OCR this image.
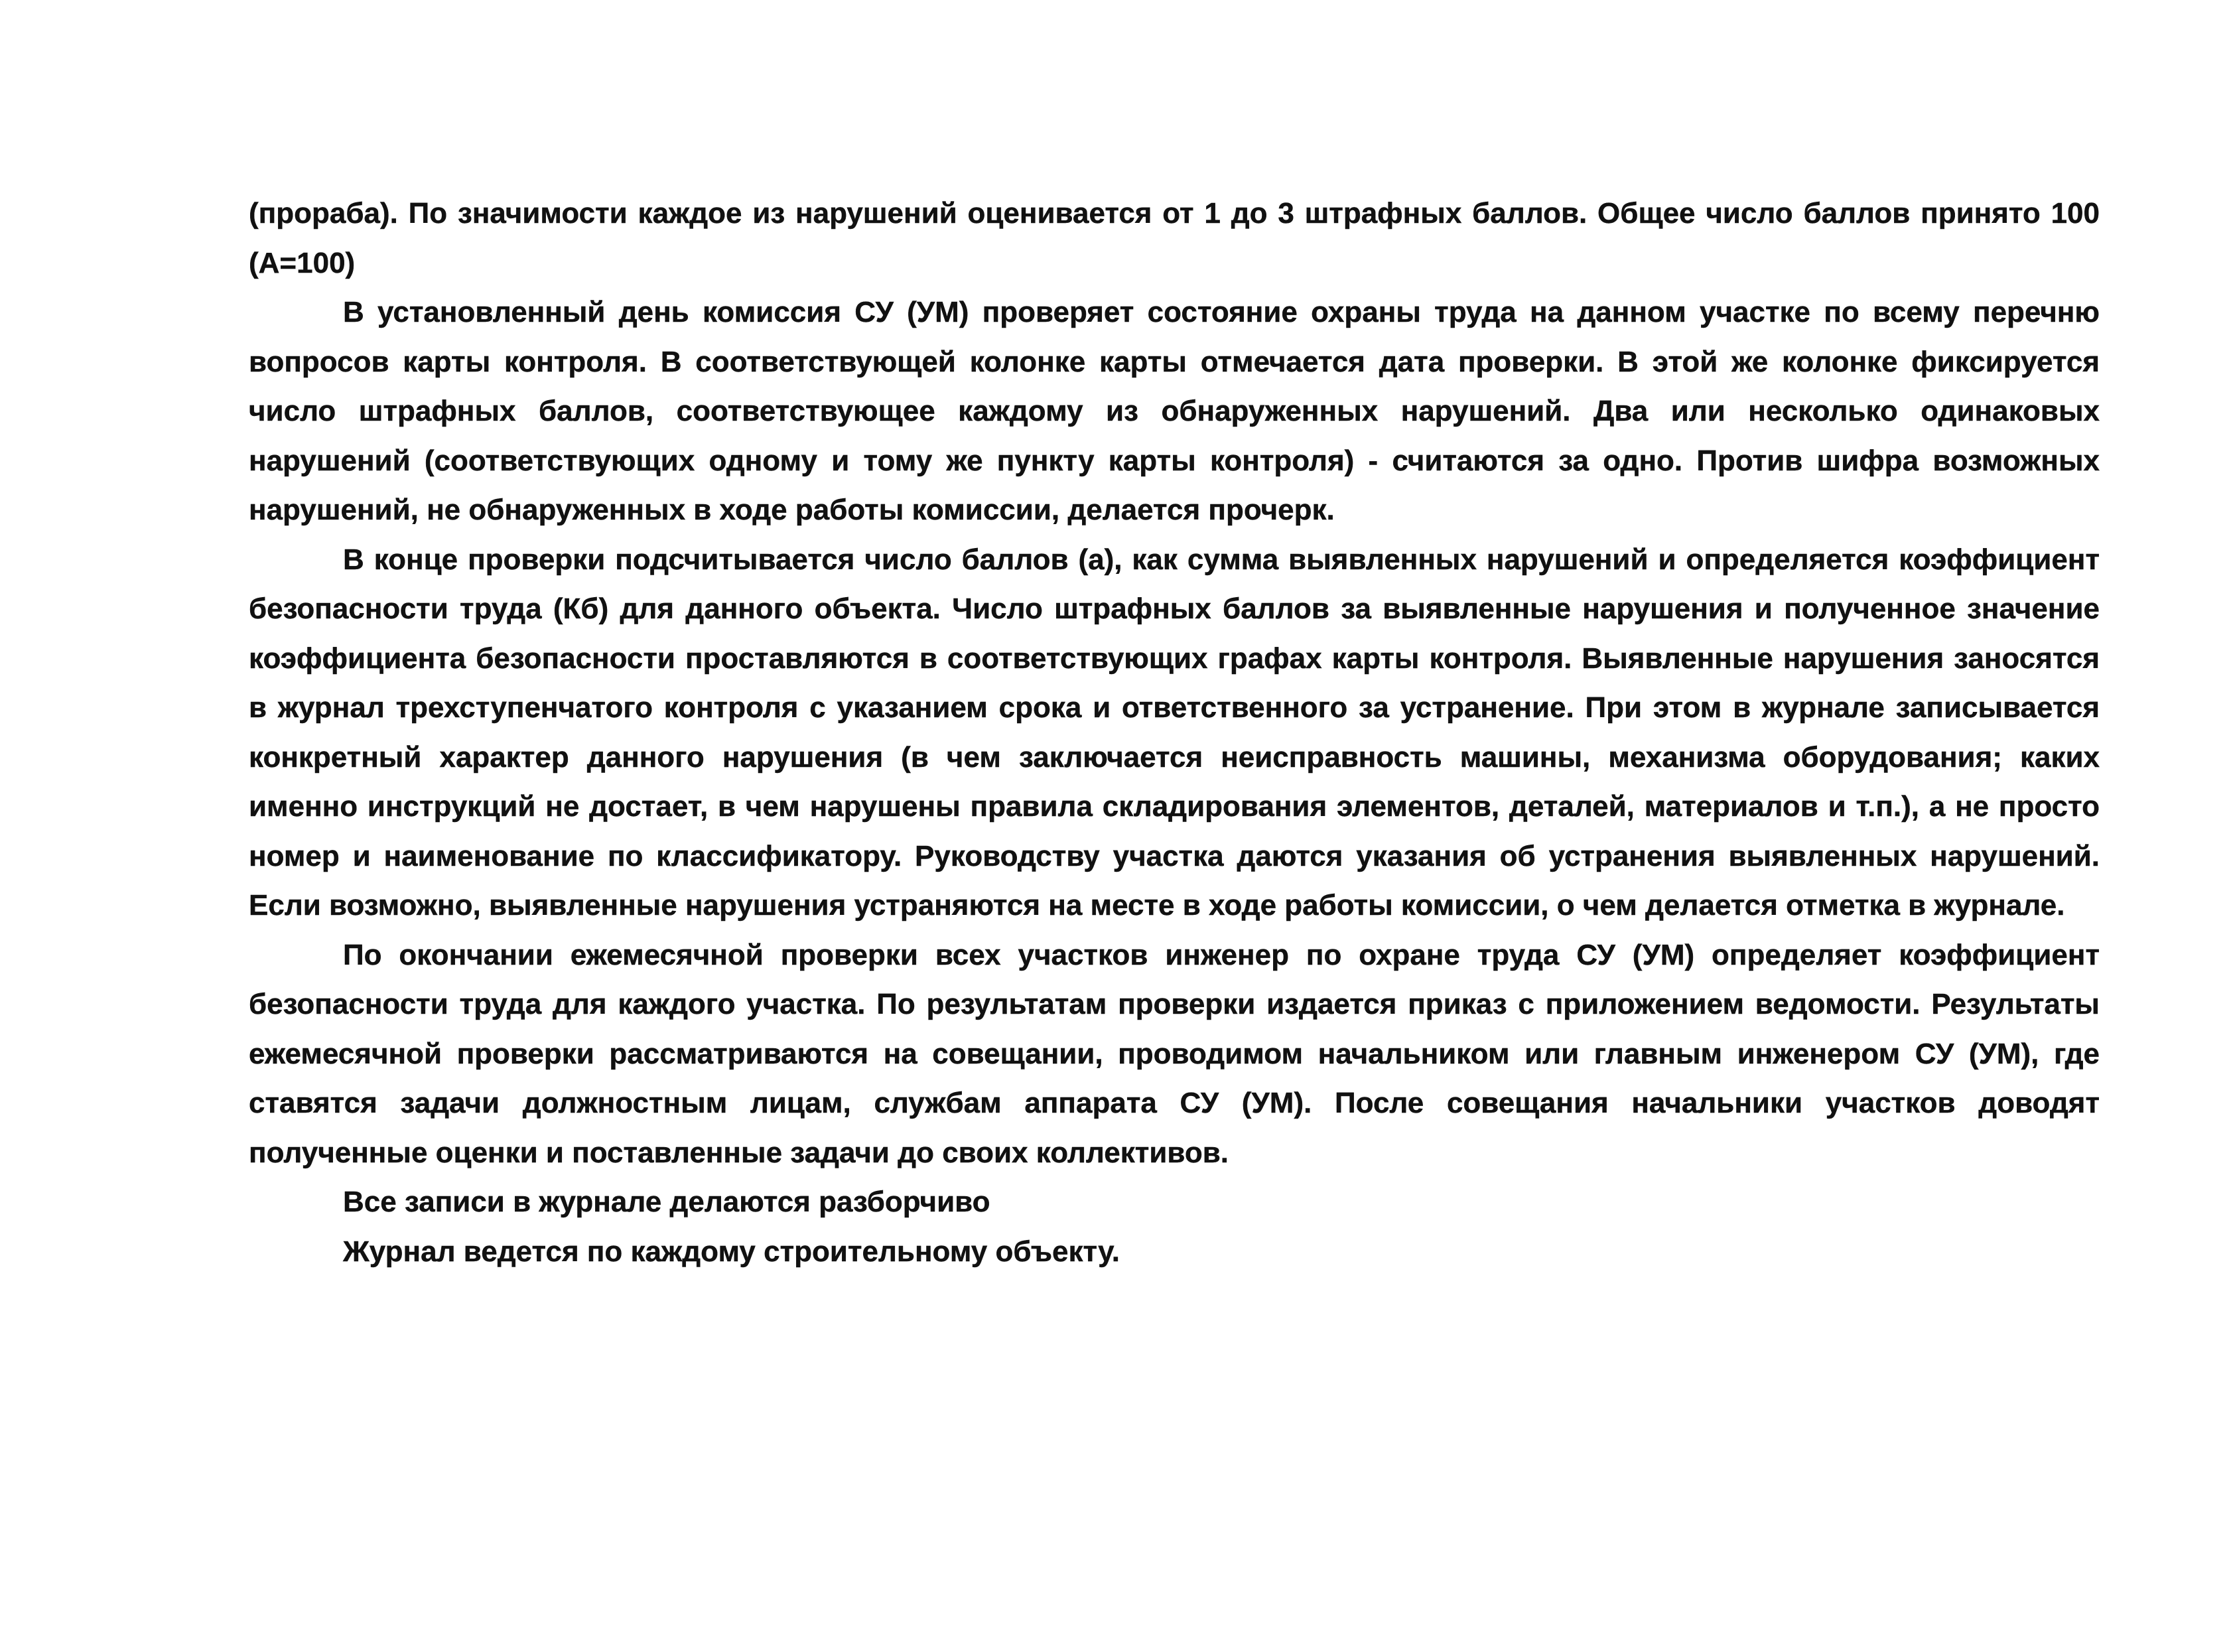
(прораба). По значимости каждое из нарушений оценивается от 1 до 3 штрафных баллов. Общее число баллов принято 100 (А=100)

В установленный день комиссия СУ (УМ) проверяет состояние охраны труда на данном участке по всему перечню вопросов карты контроля. В соответствующей колонке карты отмечается дата проверки. В этой же колонке фиксируется число штрафных баллов, соответствующее каждому из обнаруженных нарушений. Два или несколько одинаковых нарушений (соответствующих одному и тому же пункту карты контроля) - считаются за одно. Против шифра возможных нарушений, не обнаруженных в ходе работы комиссии, делается прочерк.

В конце проверки подсчитывается число баллов (а), как сумма выявленных нарушений и определяется коэффициент безопасности труда (Кб) для данного объекта. Число штрафных баллов за выявленные нарушения и полученное значение коэффициента безопасности проставляются в соответствующих графах карты контроля. Выявленные нарушения заносятся в журнал трехступенчатого контроля с указанием срока и ответственного за устранение. При этом в журнале записывается конкретный характер данного нарушения (в чем заключается неисправность машины, механизма оборудования; каких именно инструкций не достает, в чем нарушены правила складирования элементов, деталей, материалов и т.п.), а не просто номер и наименование по классификатору. Руководству участка даются указания об устранения выявленных нарушений. Если возможно, выявленные нарушения устраняются на месте в ходе работы комиссии, о чем делается отметка в журнале.

По окончании ежемесячной проверки всех участков инженер по охране труда СУ (УМ) определяет коэффициент безопасности труда для каждого участка. По результатам проверки издается приказ с приложением ведомости. Результаты ежемесячной проверки рассматриваются на совещании, проводимом начальником или главным инженером СУ (УМ), где ставятся задачи должностным лицам, службам аппарата СУ (УМ). После совещания начальники участков доводят полученные оценки и поставленные задачи до своих коллективов.

Все записи в журнале делаются разборчиво

Журнал ведется по каждому строительному объекту.
